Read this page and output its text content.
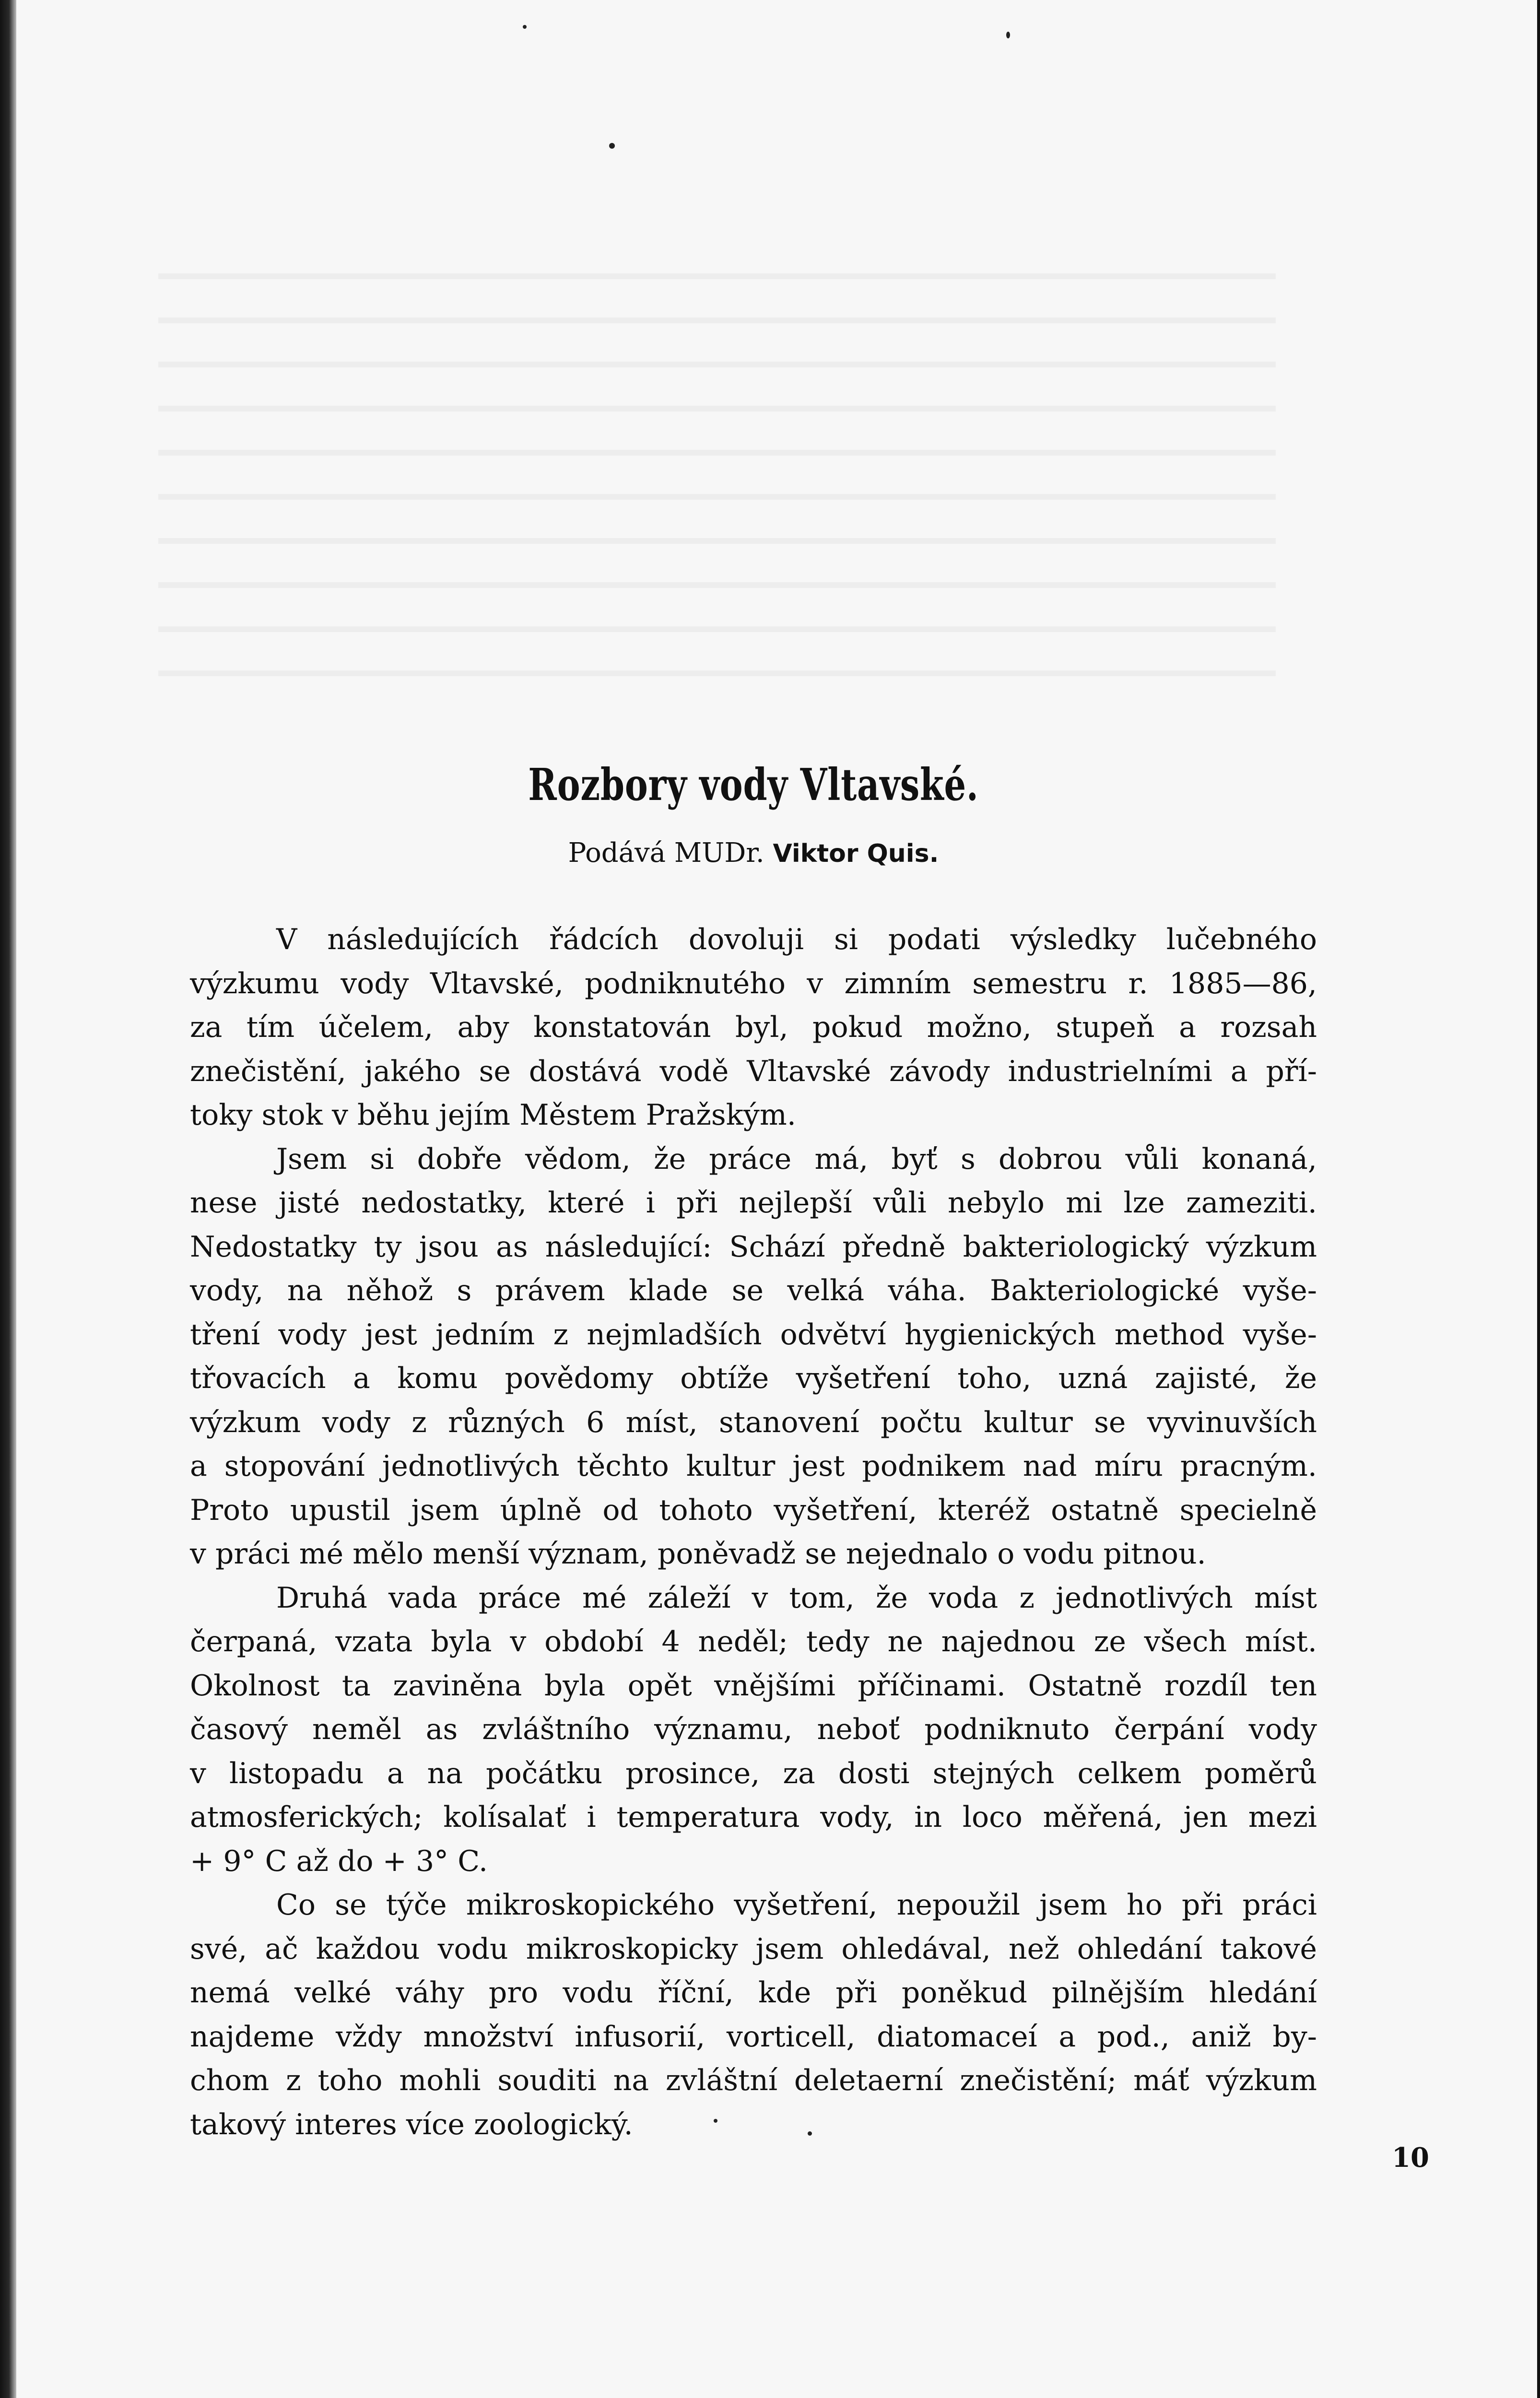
Rozbory vody Vltavské.
Podává MUDr. Viktor Quis.
V následujících řádcích dovoluji si podati výsledky lučebného
výzkumu vody Vltavské, podniknutého v zimním semestru r. 1885—86,
za tím účelem, aby konstatován byl, pokud možno, stupeň a rozsah
znečistění, jakého se dostává vodě Vltavské závody industrielními a pří-
toky stok v běhu jejím Městem Pražským.
Jsem si dobře vědom, že práce má, byť s dobrou vůli konaná,
nese jisté nedostatky, které i při nejlepší vůli nebylo mi lze zameziti.
Nedostatky ty jsou as následující: Schází předně bakteriologický výzkum
vody, na něhož s právem klade se velká váha. Bakteriologické vyše-
tření vody jest jedním z nejmladších odvětví hygienických method vyše-
třovacích a komu povědomy obtíže vyšetření toho, uzná zajisté, že
výzkum vody z různých 6 míst, stanovení počtu kultur se vyvinuvších
a stopování jednotlivých těchto kultur jest podnikem nad míru pracným.
Proto upustil jsem úplně od tohoto vyšetření, kteréž ostatně specielně
v práci mé mělo menší význam, poněvadž se nejednalo o vodu pitnou.
Druhá vada práce mé záleží v tom, že voda z jednotlivých míst
čerpaná, vzata byla v období 4 neděl; tedy ne najednou ze všech míst.
Okolnost ta zaviněna byla opět vnějšími příčinami. Ostatně rozdíl ten
časový neměl as zvláštního významu, neboť podniknuto čerpání vody
v listopadu a na počátku prosince, za dosti stejných celkem poměrů
atmosferických; kolísalať i temperatura vody, in loco měřená, jen mezi
+ 9° C až do + 3° C.
Co se týče mikroskopického vyšetření, nepoužil jsem ho při práci
své, ač každou vodu mikroskopicky jsem ohledával, než ohledání takové
nemá velké váhy pro vodu říční, kde při poněkud pilnějším hledání
najdeme vždy množství infusorií, vorticell, diatomaceí a pod., aniž by-
chom z toho mohli souditi na zvláštní deletaerní znečistění; máť výzkum
takový interes více zoologický.
10
